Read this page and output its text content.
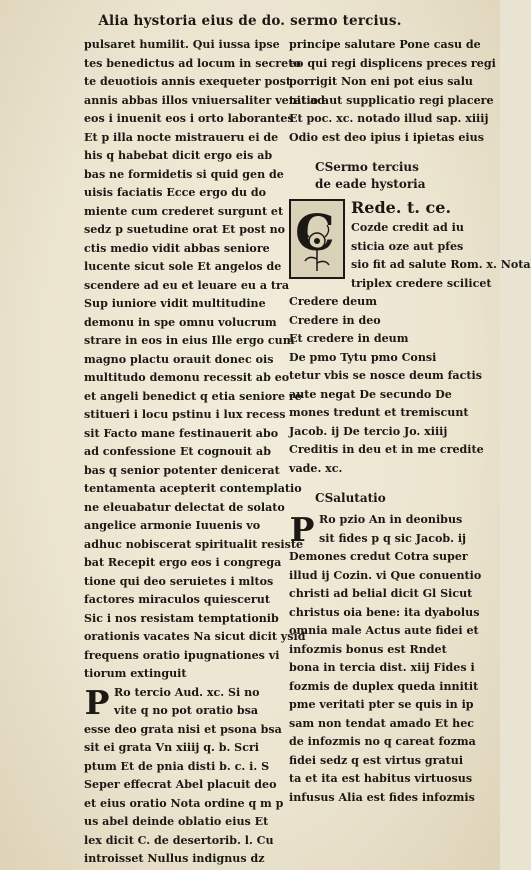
Alia hystoria eius de do. sermo tercius.
pulsaret humilit. Qui iussa ipse
tes benedictus ad locum in secreto
te deuotiois annis exequeter post
annis abbas illos vniuersaliter venit ad
eos i inuenit eos i orto laborantes
Et p illa nocte mistraueru ei de
his q habebat dicit ergo eis ab
bas ne formidetis si quid gen de
uisis faciatis Ecce ergo du do
miente cum crederet surgunt et
sedz p suetudine orat Et post no
ctis medio vidit abbas seniore
lucente sicut sole Et angelos de
scendere ad eu et leuare eu a tra
Sup iuniore vidit multitudine
demonu in spe omnu volucrum
strare in eos in eius Ille ergo cum
magno plactu orauit donec ois
multitudo demonu recessit ab eo
et angeli benedict q etia seniore re
stitueri i locu pstinu i lux recess
sit Facto mane festinauerit abo
ad confessione Et cognouit ab
bas q senior potenter denicerat
tentamenta acepterit contemplatio
ne eleuabatur delectat de solato
angelice armonie Iuuenis vo
adhuc nobiscerat spiritualit resiste
bat Recepit ergo eos i congrega
tione qui deo seruietes i mltos
factores miraculos quiescerut
Sic i nos resistam temptationib
orationis vacates Na sicut dicit ysid
frequens oratio ipugnationes vi
tiorum extinguit
P Ro tercio Aud. xc. Si no
vite q no pot oratio bsa
esse deo grata nisi et psona bsa
sit ei grata Vn xiiij q. b. Scri
ptum Et de pnia disti b. c. i. S
Seper effecrat Abel placuit deo
et eius oratio Nota ordine q m p
us abel deinde oblatio eius Et
lex dicit C. de desertorib. l. Cu
introisset Nullus indignus dz
principe salutare Pone casu de
eo qui regi displicens preces regi
porrigit Non eni pot eius salu
tatio aut supplicatio regi placere
Et poc. xc. notado illud sap. xiiij
Odio est deo ipius i ipietas eius
CSermo tercius
de eade hystoria
C	Rede. t. ce.
Cozde credit ad iu
sticia oze aut pfes
sio fit ad salute Rom. x. Nota
triplex credere scilicet
Credere deum
Credere in deo
Et credere in deum
De pmo Tytu pmo Consi
tetur vbis se nosce deum factis
aute negat De secundo De
mones tredunt et tremiscunt
Jacob. ij De tercio Jo. xiiij
Creditis in deu et in me credite
vade. xc.
CSalutatio
P Ro pzio An in deonibus
sit fides p q sic Jacob. ij
Demones credut Cotra super
illud ij Cozin. vi Que conuentio
christi ad belial dicit Gl Sicut
christus oia bene: ita dyabolus
omnia male Actus aute fidei et
infozmis bonus est Rndet
bona in tercia dist. xiij Fides i
fozmis de duplex queda innitit
pme veritati pter se quis in ip
sam non tendat amado Et hec
de infozmis no q careat fozma
fidei sedz q est virtus gratui
ta et ita est habitus virtuosus
infusus Alia est fides infozmis
